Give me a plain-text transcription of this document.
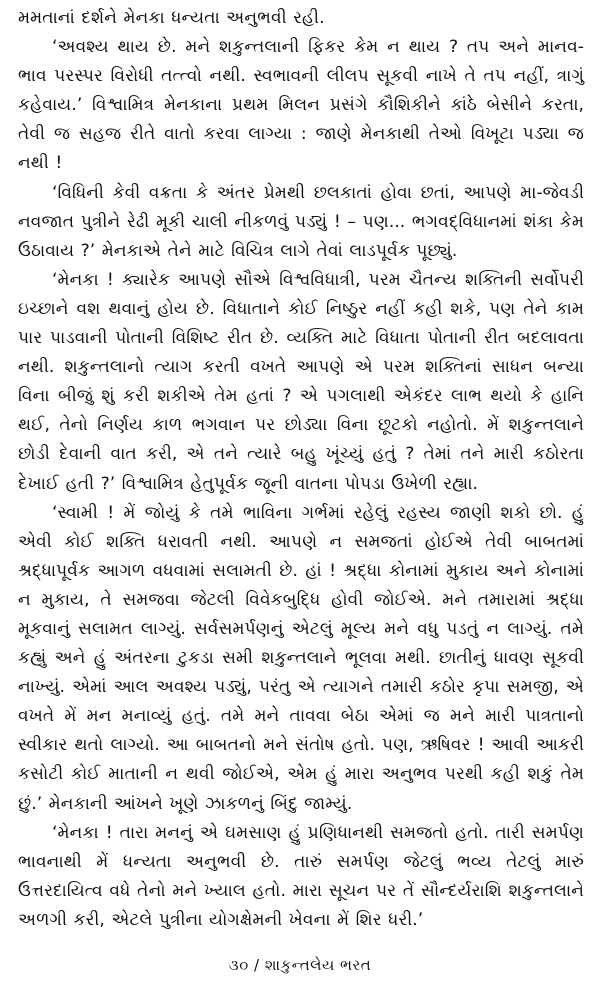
મમતાનાં દર્શને મેનકા ધન્યતા અનુભવી રહી.

‘અવશ્ય થાય છે. મને શકુન્તલાની ફિકર કેમ ન થાય ? તપ અને માનવ-ભાવ પરસ્પર વિરોધી તત્ત્વો નથી. સ્વભાવની લીલપ સૂકવી નાખે તે તપ નહીં, ત્રાગું કહેવાય.’ વિશ્વામિત્ર મેનકાના પ્રથમ મિલન પ્રસંગે કૌશિકીને કાંઠે બેસીને કરતા, તેવી જ સહજ રીતે વાતો કરવા લાગ્યા : જાણે મેનકાથી તેઓ વિખૂટા પડ્યા જ નથી !

‘વિધિની કેવી વક્રતા કે અંતર પ્રેમથી છલકાતાં હોવા છતાં, આપણે મા-જેવડી નવજાત પુત્રીને રેઢી મૂકી ચાલી નીકળવું પડ્યું ! – પણ... ભગવદ્‌વિધાનમાં શંકા કેમ ઉઠાવાય ?’ મેનકાએ તેને માટે વિચિત્ર લાગે તેવાં લાડપૂર્વક પૂછ્યું.

‘મેનકા ! ક્યારેક આપણે સૌએ વિશ્વવિધાત્રી, પરમ ચૈતન્ય શક્તિની સર્વોપરી ઇચ્છાને વશ થવાનું હોય છે. વિધાતાને કોઈ નિષ્ઠુર નહીં કહી શકે, પણ તેને કામ પાર પાડવાની પોતાની વિશિષ્ટ રીત છે. વ્યક્તિ માટે વિધાતા પોતાની રીત બદલાવતા નથી. શકુન્તલાનો ત્યાગ કરતી વખતે આપણે એ પરમ શક્તિનાં સાધન બન્યા વિના બીજું શું કરી શકીએ તેમ હતાં ? એ પગલાથી એકંદર લાભ થયો કે હાનિ થઈ, તેનો નિર્ણય કાળ ભગવાન પર છોડ્યા વિના છૂટકો નહોતો. મેં શકુન્તલાને છોડી દેવાની વાત કરી, એ તને ત્યારે બહુ ખૂંચ્યું હતું ? તેમાં તને મારી કઠોરતા દેખાઈ હતી ?’ વિશ્વામિત્ર હેતુપૂર્વક જૂની વાતના પોપડા ઉખેળી રહ્યા.

‘સ્વામી ! મેં જોયું કે તમે ભાવિના ગર્ભમાં રહેલું રહસ્ય જાણી શકો છો. હું એવી કોઈ શક્તિ ધરાવતી નથી. આપણે ન સમજતાં હોઈએ તેવી બાબતમાં શ્રદ્ધાપૂર્વક આગળ વધવામાં સલામતી છે. હાં ! શ્રદ્ધા કોનામાં મુકાય અને કોનામાં ન મુકાય, તે સમજવા જેટલી વિવેકબુદ્ધિ હોવી જોઈએ. મને તમારામાં શ્રદ્ધા મૂકવાનું સલામત લાગ્યું. સર્વસમર્પણનું એટલું મૂલ્ય મને વધુ પડતું ન લાગ્યું. તમે કહ્યું અને હું અંતરના ટુકડા સમી શકુન્તલાને ભૂલવા મથી. છાતીનું ધાવણ સૂકવી નાખ્યું. એમાં આલ અવશ્ય પડ્યું, પરંતુ એ ત્યાગને તમારી કઠોર કૃપા સમજી, એ વખતે મેં મન મનાવ્યું હતું. તમે મને તાવવા બેઠા એમાં જ મને મારી પાત્રતાનો સ્વીકાર થતો લાગ્યો. આ બાબતનો મને સંતોષ હતો. પણ, ઋષિવર ! આવી આકરી કસોટી કોઈ માતાની ન થવી જોઈએ, એમ હું મારા અનુભવ પરથી કહી શકું તેમ છું.’ મેનકાની આંખને ખૂણે ઝાકળનું બિંદુ જામ્યું.

‘મેનકા ! તારા મનનું એ ઘમસાણ હું પ્રણિધાનથી સમજતો હતો. તારી સમર્પણ ભાવનાથી મેં ધન્યતા અનુભવી છે. તારું સમર્પણ જેટલું ભવ્ય તેટલું મારું ઉત્તરદાયિત્વ વધે તેનો મને ખ્યાલ હતો. મારા સૂચન પર તેં સૌન્દર્યરાશિ શકુન્તલાને અળગી કરી, એટલે પુત્રીના યોગક્ષેમની ખેવના મેં શિર ધરી.’

૩૦ / શાકુન્તલેય ભરત
